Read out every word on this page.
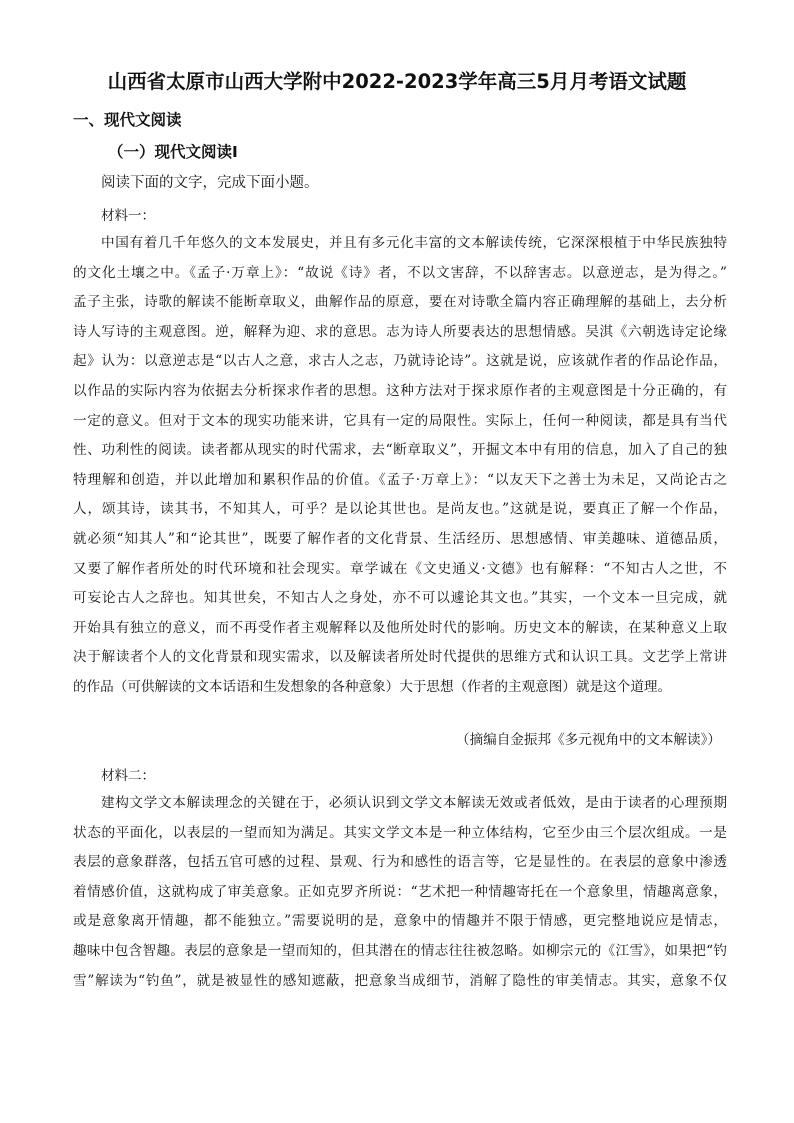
山西省太原市山西大学附中2022-2023学年高三5月月考语文试题
一、现代文阅读
（一）现代文阅读Ⅰ
阅读下面的文字，完成下面小题。
材料一：
中国有着几千年悠久的文本发展史，并且有多元化丰富的文本解读传统，它深深根植于中华民族独特
的文化土壤之中。《孟子·万章上》：“故说《诗》者，不以文害辞，不以辞害志。以意逆志，是为得之。”
孟子主张，诗歌的解读不能断章取义，曲解作品的原意，要在对诗歌全篇内容正确理解的基础上，去分析
诗人写诗的主观意图。逆，解释为迎、求的意思。志为诗人所要表达的思想情感。吴淇《六朝选诗定论缘
起》认为：以意逆志是“以古人之意，求古人之志，乃就诗论诗”。这就是说，应该就作者的作品论作品，
以作品的实际内容为依据去分析探求作者的思想。这种方法对于探求原作者的主观意图是十分正确的，有
一定的意义。但对于文本的现实功能来讲，它具有一定的局限性。实际上，任何一种阅读，都是具有当代
性、功利性的阅读。读者都从现实的时代需求，去“断章取义”，开掘文本中有用的信息，加入了自己的独
特理解和创造，并以此增加和累积作品的价值。《孟子·万章上》：“以友天下之善士为未足，又尚论古之
人，颂其诗，读其书，不知其人，可乎？是以论其世也。是尚友也。”这就是说，要真正了解一个作品，
就必须“知其人”和“论其世”，既要了解作者的文化背景、生活经历、思想感情、审美趣味、道德品质，
又要了解作者所处的时代环境和社会现实。章学诚在《文史通义·文德》也有解释：“不知古人之世，不
可妄论古人之辞也。知其世矣，不知古人之身处，亦不可以遽论其文也。”其实，一个文本一旦完成，就
开始具有独立的意义，而不再受作者主观解释以及他所处时代的影响。历史文本的解读，在某种意义上取
决于解读者个人的文化背景和现实需求，以及解读者所处时代提供的思维方式和认识工具。文艺学上常讲
的作品（可供解读的文本话语和生发想象的各种意象）大于思想（作者的主观意图）就是这个道理。
（摘编自金振邦《多元视角中的文本解读》）
材料二：
建构文学文本解读理念的关键在于，必须认识到文学文本解读无效或者低效，是由于读者的心理预期
状态的平面化，以表层的一望而知为满足。其实文学文本是一种立体结构，它至少由三个层次组成。一是
表层的意象群落，包括五官可感的过程、景观、行为和感性的语言等，它是显性的。在表层的意象中渗透
着情感价值，这就构成了审美意象。正如克罗齐所说：“艺术把一种情趣寄托在一个意象里，情趣离意象，
或是意象离开情趣，都不能独立。”需要说明的是，意象中的情趣并不限于情感，更完整地说应是情志，
趣味中包含智趣。表层的意象是一望而知的，但其潜在的情志往往被忽略。如柳宗元的《江雪》，如果把“钓
雪”解读为“钓鱼”，就是被显性的感知遮蔽，把意象当成细节，消解了隐性的审美情志。其实，意象不仅
